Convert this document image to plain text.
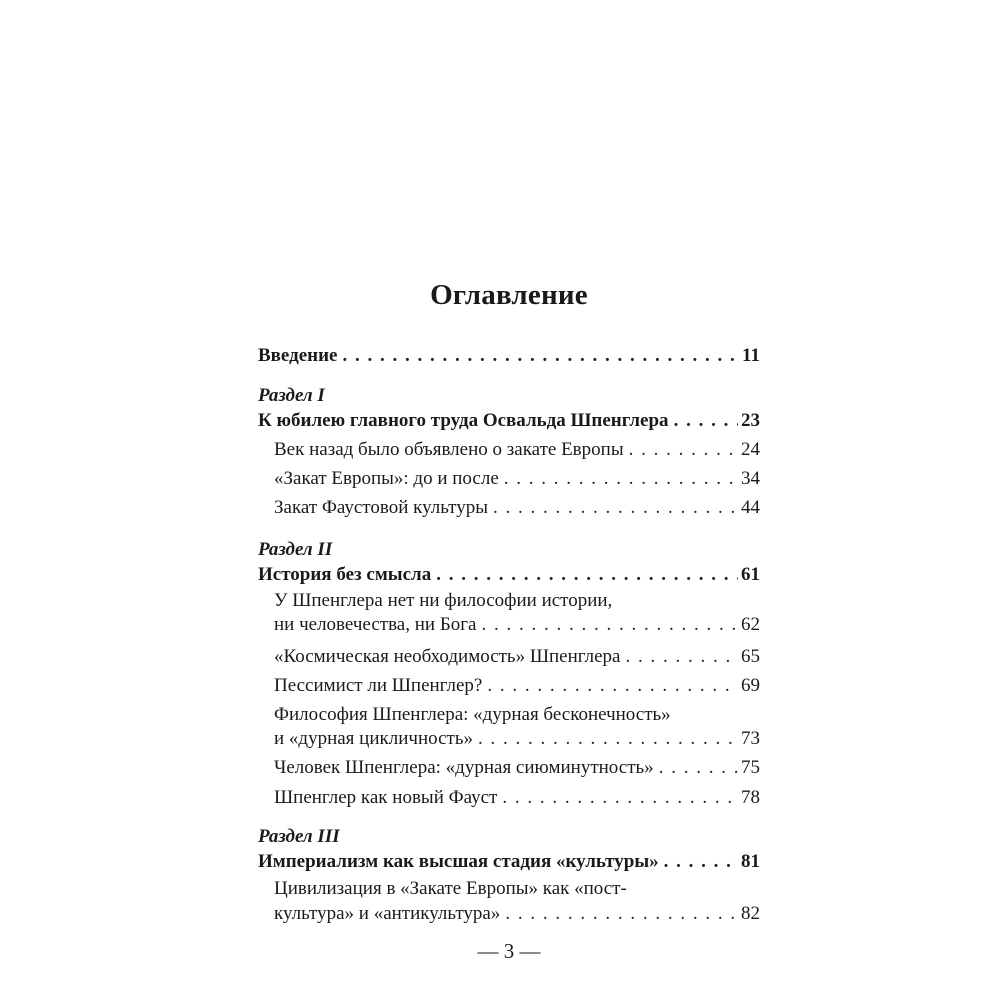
Оглавление
Введение . . .	11
Раздел I
К юбилею главного труда Освальда Шпенглера . . .	23
Век назад было объявлено о закате Европы . . .	24
«Закат Европы»: до и после . . .	34
Закат Фаустовой культуры . . .	44
Раздел II
История без смысла . . .	61
У Шпенглера нет ни философии истории,
ни человечества, ни Бога . . .	62
«Космическая необходимость» Шпенглера . . .	65
Пессимист ли Шпенглер? . . .	69
Философия Шпенглера: «дурная бесконечность»
и «дурная цикличность» . . .	73
Человек Шпенглера: «дурная сиюминутность» . . .	75
Шпенглер как новый Фауст . . .	78
Раздел III
Империализм как высшая стадия «культуры» . . .	81
Цивилизация в «Закате Европы» как «пост-
культура» и «антикультура» . . .	82
— 3 —
